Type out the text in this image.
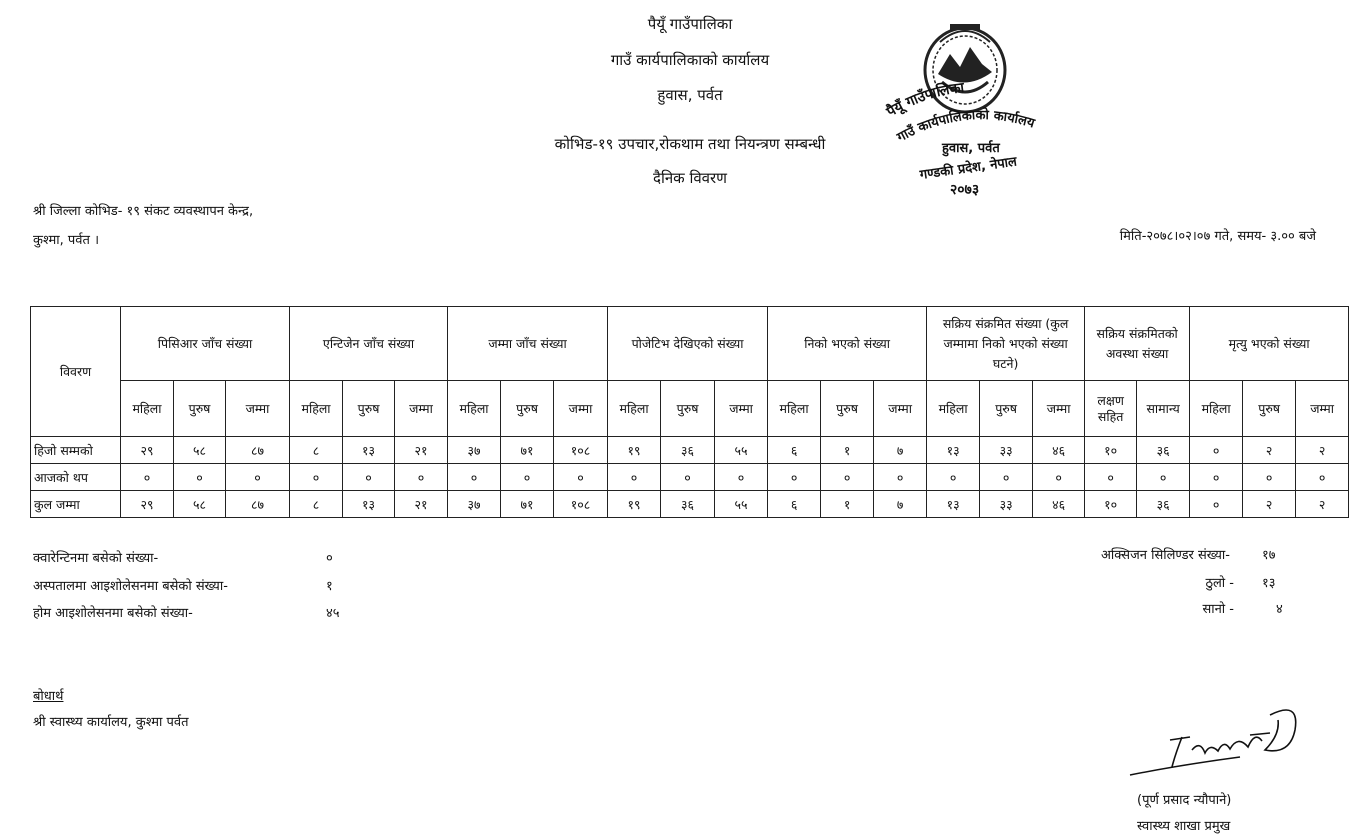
पैयूँ गाउँपालिका
गाउँ कार्यपालिकाको कार्यालय
हुवास, पर्वत
कोभिड-१९ उपचार,रोकथाम तथा नियन्त्रण सम्बन्धी
दैनिक विवरण
पैयूँ गाउँपालिका
गाउँ कार्यपालिकाको कार्यालय
हुवास, पर्वत
गण्डकी प्रदेश, नेपाल
२०७३
श्री जिल्ला कोभिड- १९ संकट व्यवस्थापन केन्द्र,
कुश्मा, पर्वत ।	मिति-२०७८।०२।०७ गते, समय- ३.०० बजे
विवरण	पिसिआर जाँच संख्या			एन्टिजेन जाँच संख्या			जम्मा जाँच संख्या			पोजेटिभ देखिएको संख्या			निको भएको संख्या			सक्रिय संक्रमित संख्या (कुल जम्मामा निको भएको संख्या घटने)			सक्रिय संक्रमितको अवस्था संख्या		मृत्यु भएको संख्या		
	महिला	पुरुष	जम्मा	महिला	पुरुष	जम्मा	महिला	पुरुष	जम्मा	महिला	पुरुष	जम्मा	महिला	पुरुष	जम्मा	महिला	पुरुष	जम्मा	लक्षण सहित	सामान्य	महिला	पुरुष	जम्मा
हिजो सम्मको	२९	५८	८७	८	१३	२१	३७	७१	१०८	१९	३६	५५	६	१	७	१३	३३	४६	१०	३६	०	२	२
आजको थप	०	०	०	०	०	०	०	०	०	०	०	०	०	०	०	०	०	०	०	०	०	०	०
कुल जम्मा	२९	५८	८७	८	१३	२१	३७	७१	१०८	१९	३६	५५	६	१	७	१३	३३	४६	१०	३६	०	२	२
क्वारेन्टिनमा बसेको संख्या-	०
अस्पतालमा आइशोलेसनमा बसेको संख्या-	१
होम आइशोलेसनमा बसेको संख्या-	४५
अक्सिजन सिलिण्डर संख्या- १७
ठुलो - १३
सानो -	४
बोधार्थ
श्री स्वास्थ्य कार्यालय, कुश्मा पर्वत
(पूर्ण प्रसाद न्यौपाने)
स्वास्थ्य शाखा प्रमुख
